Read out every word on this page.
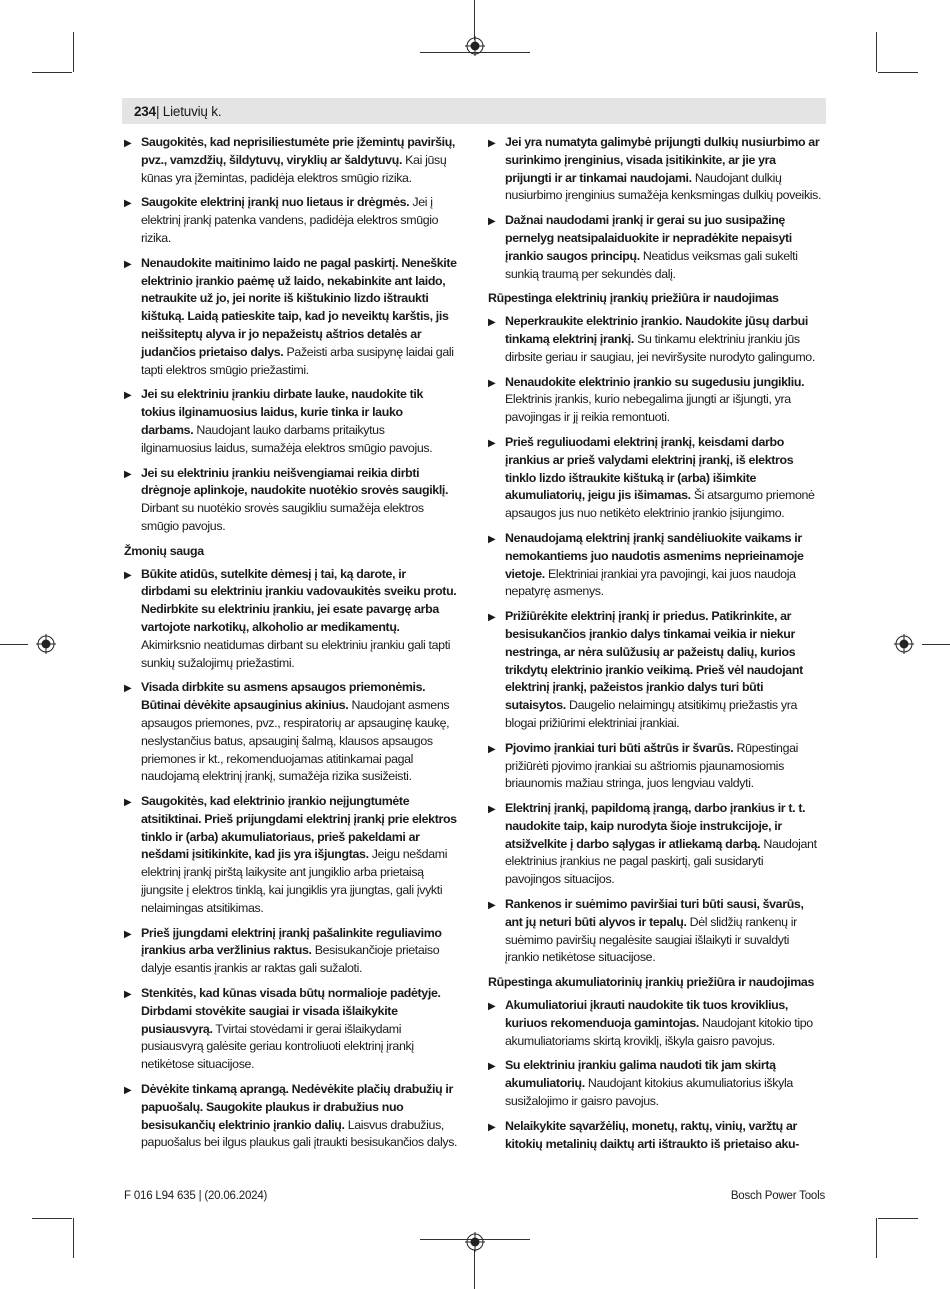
234| Lietuvių k.
▶ Saugokitės, kad neprisiliestumėte prie įžemintų paviršių, pvz., vamzdžių, šildytuvų, viryklių ar šaldytuvų. Kai jūsų kūnas yra įžemintas, padidėja elektros smūgio rizika.
▶ Saugokite elektrinį įrankį nuo lietaus ir drėgmės. Jei į elektrinį įrankį patenka vandens, padidėja elektros smūgio rizika.
▶ Nenaudokite maitinimo laido ne pagal paskirtį. Neneškite elektrinio įrankio paėmę už laido, nekabinkite ant laido, netraukite už jo, jei norite iš kištukinio lizdo ištraukti kištuką. Laidą patieskite taip, kad jo neveiktų karštis, jis neišsiteptų alyva ir jo nepažeistų aštrios detalės ar judančios prietaiso dalys. Pažeisti arba susipynę laidai gali tapti elektros smūgio priežastimi.
▶ Jei su elektriniu įrankiu dirbate lauke, naudokite tik tokius ilginamuosius laidus, kurie tinka ir lauko darbams. Naudojant lauko darbams pritaikytus ilginamuosius laidus, sumažėja elektros smūgio pavojus.
▶ Jei su elektriniu įrankiu neišvengiamai reikia dirbti drėgnoje aplinkoje, naudokite nuotėkio srovės saugiklį. Dirbant su nuotėkio srovės saugikliu sumažėja elektros smūgio pavojus.
Žmonių sauga
▶ Būkite atidūs, sutelkite dėmesį į tai, ką darote, ir dirbdami su elektriniu įrankiu vadovaukitės sveiku protu. Nedirbkite su elektriniu įrankiu, jei esate pavargę arba vartojote narkotikų, alkoholio ar medikamentų. Akimirksnio neatidumas dirbant su elektriniu įrankiu gali tapti sunkių sužalojimų priežastimi.
▶ Visada dirbkite su asmens apsaugos priemonėmis. Būtinai dėvėkite apsauginius akinius. Naudojant asmens apsaugos priemones, pvz., respiratorių ar apsauginę kaukę, neslystančius batus, apsauginį šalmą, klausos apsaugos priemones ir kt., rekomenduojamas atitinkamai pagal naudojamą elektrinį įrankį, sumažėja rizika susižeisti.
▶ Saugokitės, kad elektrinio įrankio neįjungtumėte atsitiktinai. Prieš prijungdami elektrinį įrankį prie elektros tinklo ir (arba) akumuliatoriaus, prieš pakeldami ar nešdami įsitikinkite, kad jis yra išjungtas. Jeigu nešdami elektrinį įrankį pirštą laikysite ant jungiklio arba prietaisą įjungsite į elektros tinklą, kai jungiklis yra įjungtas, gali įvykti nelaimingas atsitikimas.
▶ Prieš įjungdami elektrinį įrankį pašalinkite reguliavimo įrankius arba veržlinius raktus. Besisukančioje prietaiso dalyje esantis įrankis ar raktas gali sužaloti.
▶ Stenkitės, kad kūnas visada būtų normalioje padėtyje. Dirbdami stovėkite saugiai ir visada išlaikykite pusiausvyrą. Tvirtai stovėdami ir gerai išlaikydami pusiausvyrą galėsite geriau kontroliuoti elektrinį įrankį netikėtose situacijose.
▶ Dėvėkite tinkamą aprangą. Nedėvėkite plačių drabužių ir papuošalų. Saugokite plaukus ir drabužius nuo besisukančių elektrinio įrankio dalių. Laisvus drabužius, papuošalus bei ilgus plaukus gali įtraukti besisukančios dalys.
▶ Jei yra numatyta galimybė prijungti dulkių nusiurbimo ar surinkimo įrenginius, visada įsitikinkite, ar jie yra prijungti ir ar tinkamai naudojami. Naudojant dulkių nusiurbimo įrenginius sumažėja kenksmingas dulkių poveikis.
▶ Dažnai naudodami įrankį ir gerai su juo susipažinę pernelyg neatsipalaiduokite ir nepradėkite nepaisyti įrankio saugos principų. Neatidus veiksmas gali sukelti sunkią traumą per sekundės dalį.
Rūpestinga elektrinių įrankių priežiūra ir naudojimas
▶ Neperkraukite elektrinio įrankio. Naudokite jūsų darbui tinkamą elektrinį įrankį. Su tinkamu elektriniu įrankiu jūs dirbsite geriau ir saugiau, jei neviršysite nurodyto galingumo.
▶ Nenaudokite elektrinio įrankio su sugedusiu jungikliu. Elektrinis įrankis, kurio nebegalima įjungti ar išjungti, yra pavojingas ir jį reikia remontuoti.
▶ Prieš reguliuodami elektrinį įrankį, keisdami darbo įrankius ar prieš valydami elektrinį įrankį, iš elektros tinklo lizdo ištraukite kištuką ir (arba) išimkite akumuliatorių, jeigu jis išimamas. Ši atsargumo priemonė apsaugos jus nuo netikėto elektrinio įrankio įsijungimo.
▶ Nenaudojamą elektrinį įrankį sandėliuokite vaikams ir nemokantiems juo naudotis asmenims neprieinamoje vietoje. Elektriniai įrankiai yra pavojingi, kai juos naudoja nepatyrę asmenys.
▶ Prižiūrėkite elektrinį įrankį ir priedus. Patikrinkite, ar besisukančios įrankio dalys tinkamai veikia ir niekur nestringa, ar nėra sulūžusių ar pažeistų dalių, kurios trikdytų elektrinio įrankio veikimą. Prieš vėl naudojant elektrinį įrankį, pažeistos įrankio dalys turi būti sutaisytos. Daugelio nelaimingų atsitikimų priežastis yra blogai prižiūrimi elektriniai įrankiai.
▶ Pjovimo įrankiai turi būti aštrūs ir švarūs. Rūpestingai prižiūrėti pjovimo įrankiai su aštriomis pjaunamosiomis briaunomis mažiau stringa, juos lengviau valdyti.
▶ Elektrinį įrankį, papildomą įrangą, darbo įrankius ir t. t. naudokite taip, kaip nurodyta šioje instrukcijoje, ir atsižvelkite į darbo sąlygas ir atliekamą darbą. Naudojant elektrinius įrankius ne pagal paskirtį, gali susidaryti pavojingos situacijos.
▶ Rankenos ir suėmimo paviršiai turi būti sausi, švarūs, ant jų neturi būti alyvos ir tepalų. Dėl slidžių rankenų ir suėmimo paviršių negalėsite saugiai išlaikyti ir suvaldyti įrankio netikėtose situacijose.
Rūpestinga akumuliatorinių įrankių priežiūra ir naudojimas
▶ Akumuliatoriui įkrauti naudokite tik tuos kroviklius, kuriuos rekomenduoja gamintojas. Naudojant kitokio tipo akumuliatoriams skirtą kroviklį, iškyla gaisro pavojus.
▶ Su elektriniu įrankiu galima naudoti tik jam skirtą akumuliatorių. Naudojant kitokius akumuliatorius iškyla susižalojimo ir gaisro pavojus.
▶ Nelaikykite sąvaržėlių, monetų, raktų, vinių, varžtų ar kitokių metalinių daiktų arti ištraukto iš prietaiso aku-
F 016 L94 635 | (20.06.2024)	Bosch Power Tools
